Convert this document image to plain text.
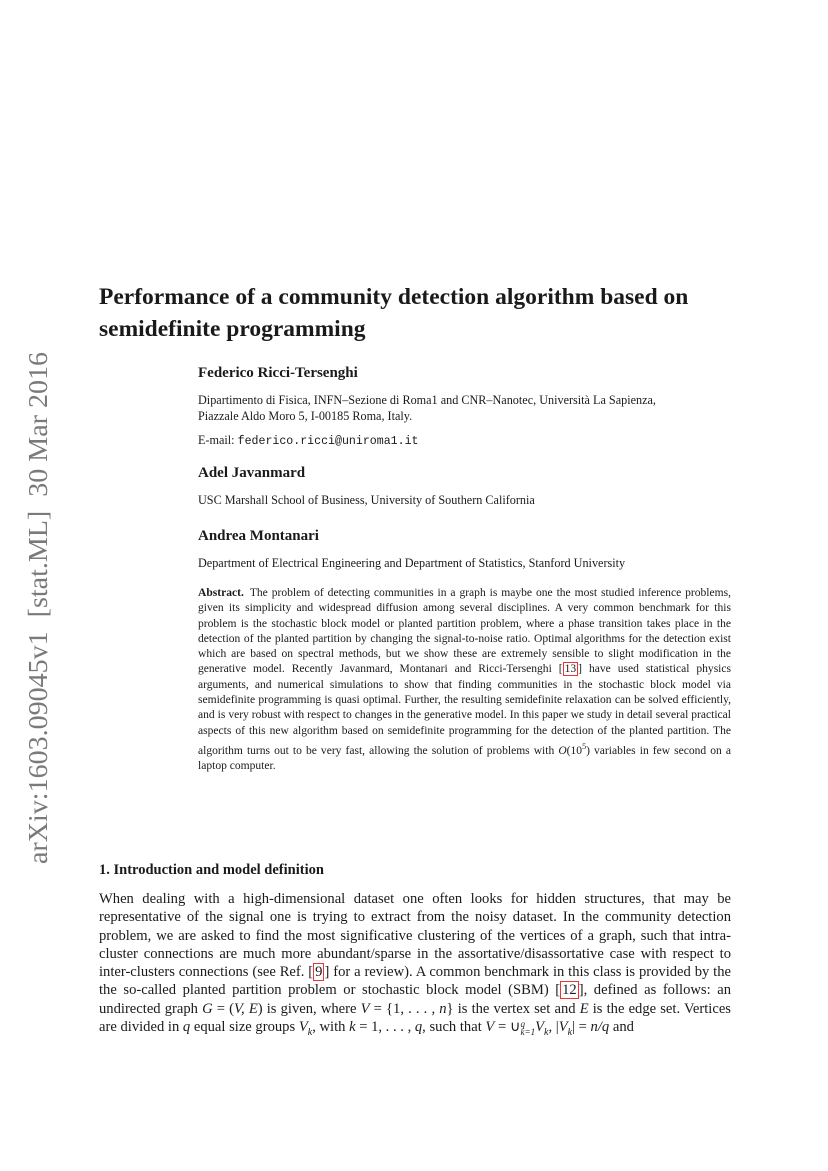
arXiv:1603.09045v1  [stat.ML]  30 Mar 2016
Performance of a community detection algorithm based on semidefinite programming

Federico Ricci-Tersenghi

Dipartimento di Fisica, INFN–Sezione di Roma1 and CNR–Nanotec, Università La Sapienza,

Piazzale Aldo Moro 5, I-00185 Roma, Italy.

E-mail: federico.ricci@uniroma1.it

Adel Javanmard

USC Marshall School of Business, University of Southern California

Andrea Montanari

Department of Electrical Engineering and Department of Statistics, Stanford University

Abstract. The problem of detecting communities in a graph is maybe one the most studied inference problems, given its simplicity and widespread diffusion among several disciplines. A very common benchmark for this problem is the stochastic block model or planted partition problem, where a phase transition takes place in the detection of the planted partition by changing the signal-to-noise ratio. Optimal algorithms for the detection exist which are based on spectral methods, but we show these are extremely sensible to slight modification in the generative model. Recently Javanmard, Montanari and Ricci-Tersenghi [ 13 ] have used statistical physics arguments, and numerical simulations to show that finding communities in the stochastic block model via semidefinite programming is quasi optimal. Further, the resulting semidefinite relaxation can be solved efficiently, and is very robust with respect to changes in the generative model. In this paper we study in detail several practical aspects of this new algorithm based on semidefinite programming for the detection of the planted partition. The algorithm turns out to be very fast, allowing the solution of problems with $O(10^5)$ variables in few second on a laptop computer.

1. Introduction and model definition

When dealing with a high-dimensional dataset one often looks for hidden structures, that may be representative of the signal one is trying to extract from the noisy dataset. In the community detection problem, we are asked to find the most significative clustering of the vertices of a graph, such that intra-cluster connections are much more abundant/sparse in the assortative/disassortative case with respect to inter-clusters connections (see Ref. [ 9 ] for a review). A common benchmark in this class is provided by the the so-called planted partition problem or stochastic block model (SBM) [ 12 ], defined as follows: an undirected graph G = (V, E) is given, where V = {1, . . . , n} is the vertex set and E is the edge set. Vertices are divided in q equal size groups $V_k$, with k = 1, . . . , q, such that V = ∪ q
k=1 $V_k$, $|V_k| = n/q$ and
